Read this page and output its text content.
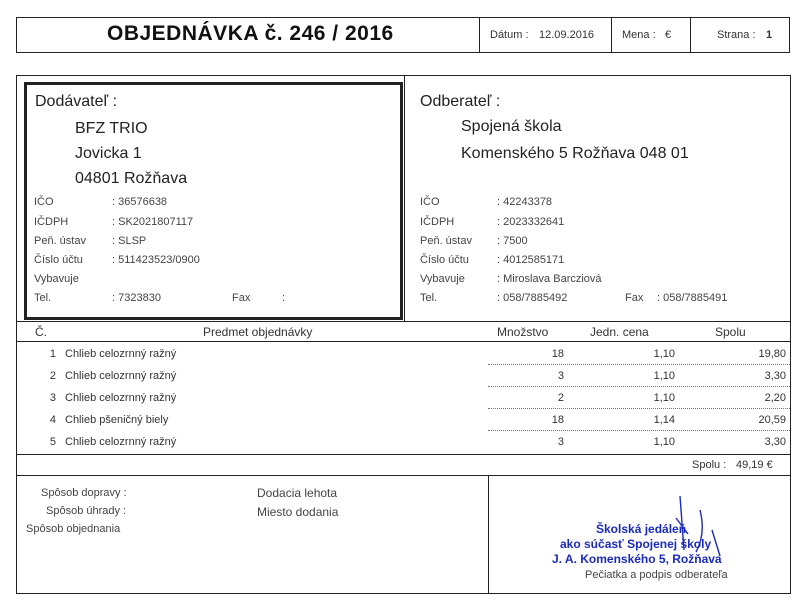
OBJEDNÁVKA č. 246 / 2016	Dátum : 12.09.2016	Mena : €	Strana : 1
Dodávateľ :
BFZ TRIO
Jovicka 1
04801 Rožňava
IČO	: 36576638
IČDPH	: SK2021807117
Peň. ústav : SLSP
Číslo účtu	: 511423523/0900
Vybavuje
Tel.	: 7323830	Fax	:
Odberateľ :
Spojená škola
Komenského 5 Rožňava 048 01
IČO	: 42243378
IČDPH	: 2023332641
Peň. ústav : 7500
Číslo účtu	: 4012585171
Vybavuje	: Miroslava Barcziová
Tel.	: 058/7885492	Fax : 058/7885491
Č.	Predmet objednávky	Množstvo	Jedn. cena	Spolu
1 Chlieb celozrnný ražný	18	1,10	19,80
2 Chlieb celozrnný ražný	3	1,10	3,30
3 Chlieb celozrnný ražný	2	1,10	2,20
4 Chlieb pšeničný biely	18	1,14	20,59
5 Chlieb celozrnný ražný	3	1,10	3,30
Spolu : 49,19 €
Spôsob dopravy :
Spôsob úhrady :
Spôsob objednania
Dodacia lehota
Miesto dodania
Školská jedáleň
ako súčasť Spojenej školy
J. A. Komenského 5, Rožňava
Pečiatka a podpis odberateľa
